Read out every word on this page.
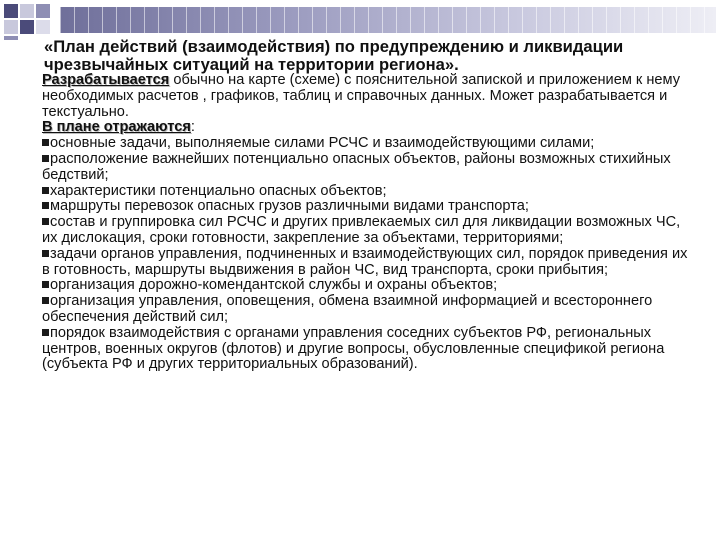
«План действий (взаимодействия) по предупреждению и ликвидации чрезвычайных ситуаций на территории региона».

Разрабатывается обычно на карте (схеме) с пояснительной запиской и приложением к нему необходимых расчетов , графиков, таблиц и справочных данных. Может разрабатывается и текстуально.

В плане отражаются:

основные задачи, выполняемые силами РСЧС и взаимодействующими силами;

расположение важнейших потенциально опасных объектов, районы возможных стихийных бедствий;

характеристики потенциально опасных объектов;

маршруты перевозок опасных грузов различными видами транспорта;

состав и группировка сил РСЧС и других привлекаемых сил для ликвидации возможных ЧС, их дислокация, сроки готовности, закрепление за объектами, территориями;

задачи органов управления, подчиненных и взаимодействующих сил, порядок приведения их в готовность, маршруты выдвижения в район ЧС, вид транспорта, сроки прибытия;

организация дорожно-комендантской службы и охраны объектов;

организация управления, оповещения, обмена взаимной информацией и всестороннего обеспечения действий сил;

порядок взаимодействия с органами управления соседних субъектов РФ, региональных центров, военных округов (флотов) и другие вопросы, обусловленные спецификой региона (субъекта РФ и других территориальных образований).
